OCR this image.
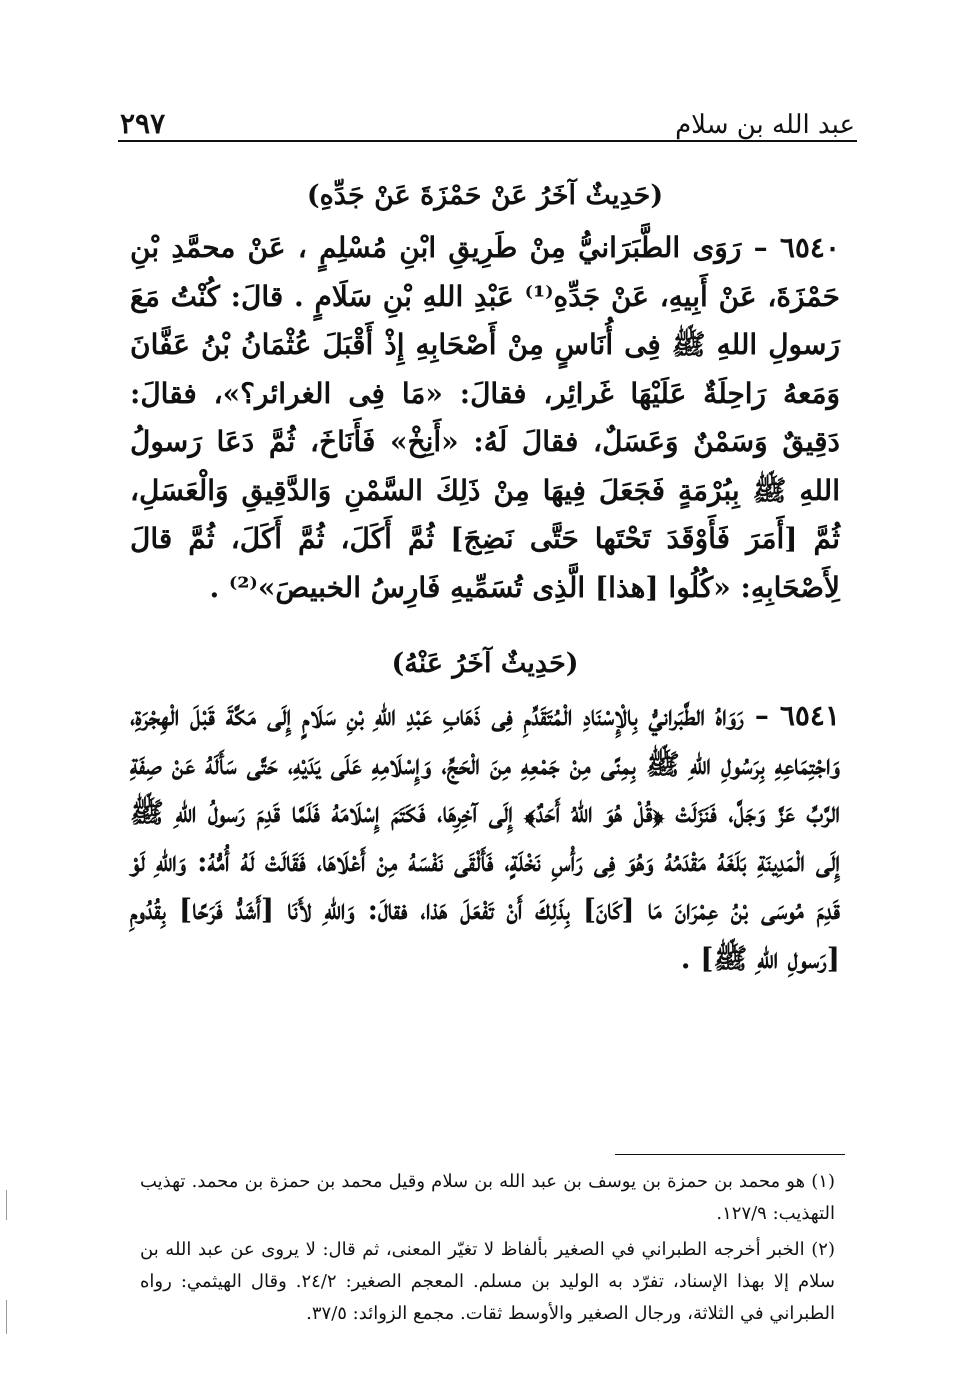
عبد الله بن سلام
٢٩٧
(حَدِيثٌ آخَرُ عَنْ حَمْزَةَ عَنْ جَدِّهِ)

٦٥٤٠ – رَوَى الطَّبَرَانيُّ مِنْ طَرِيقِ ابْنِ مُسْلِمٍ ، عَنْ محمَّدِ بْنِ حَمْزَةَ، عَنْ أَبِيهِ، عَنْ جَدِّهِ⁽¹⁾ عَبْدِ اللهِ بْنِ سَلَامٍ . قالَ: كُنْتُ مَعَ رَسولِ اللهِ ﷺ فِى أُنَاسٍ مِنْ أَصْحَابِهِ إِذْ أَقْبَلَ عُثْمَانُ بْنُ عَفَّانَ وَمَعهُ رَاحِلَةٌ عَلَيْهَا غَرائِر، فقالَ: «مَا فِى الغرائر؟»، فقالَ: دَقِيقٌ وَسَمْنٌ وَعَسَلٌ، فقالَ لَهُ: «أَنِخْ» فَأَنَاخَ، ثُمَّ دَعَا رَسولُ اللهِ ﷺ بِبُرْمَةٍ فَجَعَلَ فِيهَا مِنْ ذَلِكَ السَّمْنِ وَالدَّقِيقِ وَالْعَسَلِ، ثُمَّ [أَمَرَ فَأَوْقَدَ تَحْتَها حَتَّى نَضِجَ] ثُمَّ أَكَلَ، ثُمَّ أَكَلَ، ثُمَّ قالَ لِأَصْحَابِهِ: «كُلُوا [هذا] الَّذِى تُسَمِّيهِ فَارِسُ الخبيصَ»⁽²⁾ .

(حَدِيثٌ آخَرُ عَنْهُ)

٦٥٤١ – رَوَاهُ الطَّبَرانيُّ بِالْإِسْنَادِ الْمُتَقَدِّمِ فِى ذَهَابِ عَبْدِ اللهِ بْنِ سَلَامٍ إِلَى مَكَّةَ قَبْلَ الْهِجْرَةِ، وَاجْتِمَاعِهِ بِرَسُولِ اللهِ ﷺ بِمِنًى مِنْ جَمْعِهِ مِنَ الْحَجِّ، وَإِسْلَامِهِ عَلَى يَدَيْهِ، حَتَّى سَأَلَهُ عَنْ صِفَةِ الرَّبِّ عَزَّ وَجَلَّ، فَنَزَلَتْ ﴿قُلْ هُوَ اللهُ أَحَدٌ﴾ إِلَى آخِرِهَا، فَكَتَمَ إِسْلَامَهُ فَلَمَّا قَدِمَ رَسولُ اللهِ ﷺ إِلَى الْمَدِينَةِ بَلَغَهُ مَقْدَمُهُ وَهُوَ فِى رَأْسِ نَخْلَةٍ، فَأَلْقَى نَفْسَهُ مِنْ أَعْلَاهَا، فَقَالَتْ لَهُ أُمُّهُ: وَاللهِ لَوْ قَدِمَ مُوسَى بْنُ عِمْرَانَ مَا [كَانَ] بِذَلِكَ أَنْ تَفْعَلَ هَذا، فقالَ: وَاللهِ لأَنَا [أَشَدُّ فَرَحًا] بِقُدُومِ [رَسولِ اللهِ ﷺ] .

(١) هو محمد بن حمزة بن يوسف بن عبد الله بن سلام وقيل محمد بن حمزة بن محمد. تهذيب التهذيب: ١٢٧/٩.

(٢) الخبر أخرجه الطبراني في الصغير بألفاظ لا تغيّر المعنى، ثم قال: لا يروى عن عبد الله بن سلام إلا بهذا الإسناد، تفرّد به الوليد بن مسلم. المعجم الصغير: ٢٤/٢. وقال الهيثمي: رواه الطبراني في الثلاثة، ورجال الصغير والأوسط ثقات. مجمع الزوائد: ٣٧/٥.
